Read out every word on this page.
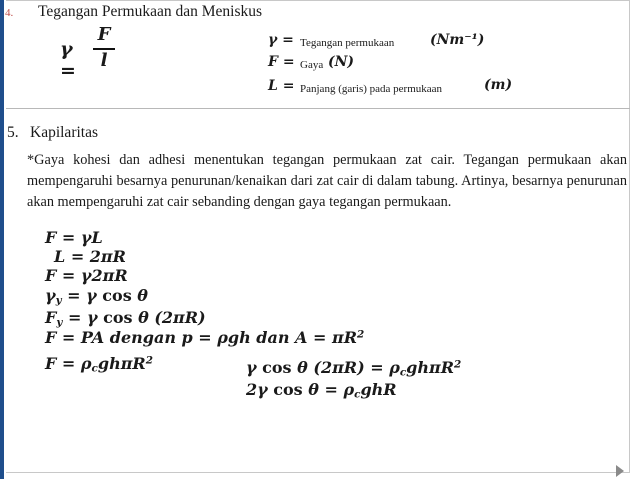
4. Tegangan Permukaan dan Meniskus
γ =
F
l
γ = Tegangan permukaan	(Nm⁻¹)
F = Gaya (N)
L = Panjang (garis) pada permukaan	(m)
5. Kapilaritas
*Gaya kohesi dan adhesi menentukan tegangan permukaan zat cair. Tegangan permukaan akan mempengaruhi besarnya penurunan/kenaikan dari zat cair di dalam tabung. Artinya, besarnya penurunan akan mempengaruhi zat cair sebanding dengan gaya tegangan permukaan.
F = γL
L = 2πR
F = γ2πR
$\gamma_y = \gamma$ cos θ
$F_y = \gamma$ cos θ (2πR)
F = PA dengan p = ρgh dan $A = \pi R^2$
$F = \rho_cgh\pi R^2$	γ cos θ $(2\pi R) = \rho_cgh\pi R^2$
2γ $\cos \theta = \rho_cghR$
